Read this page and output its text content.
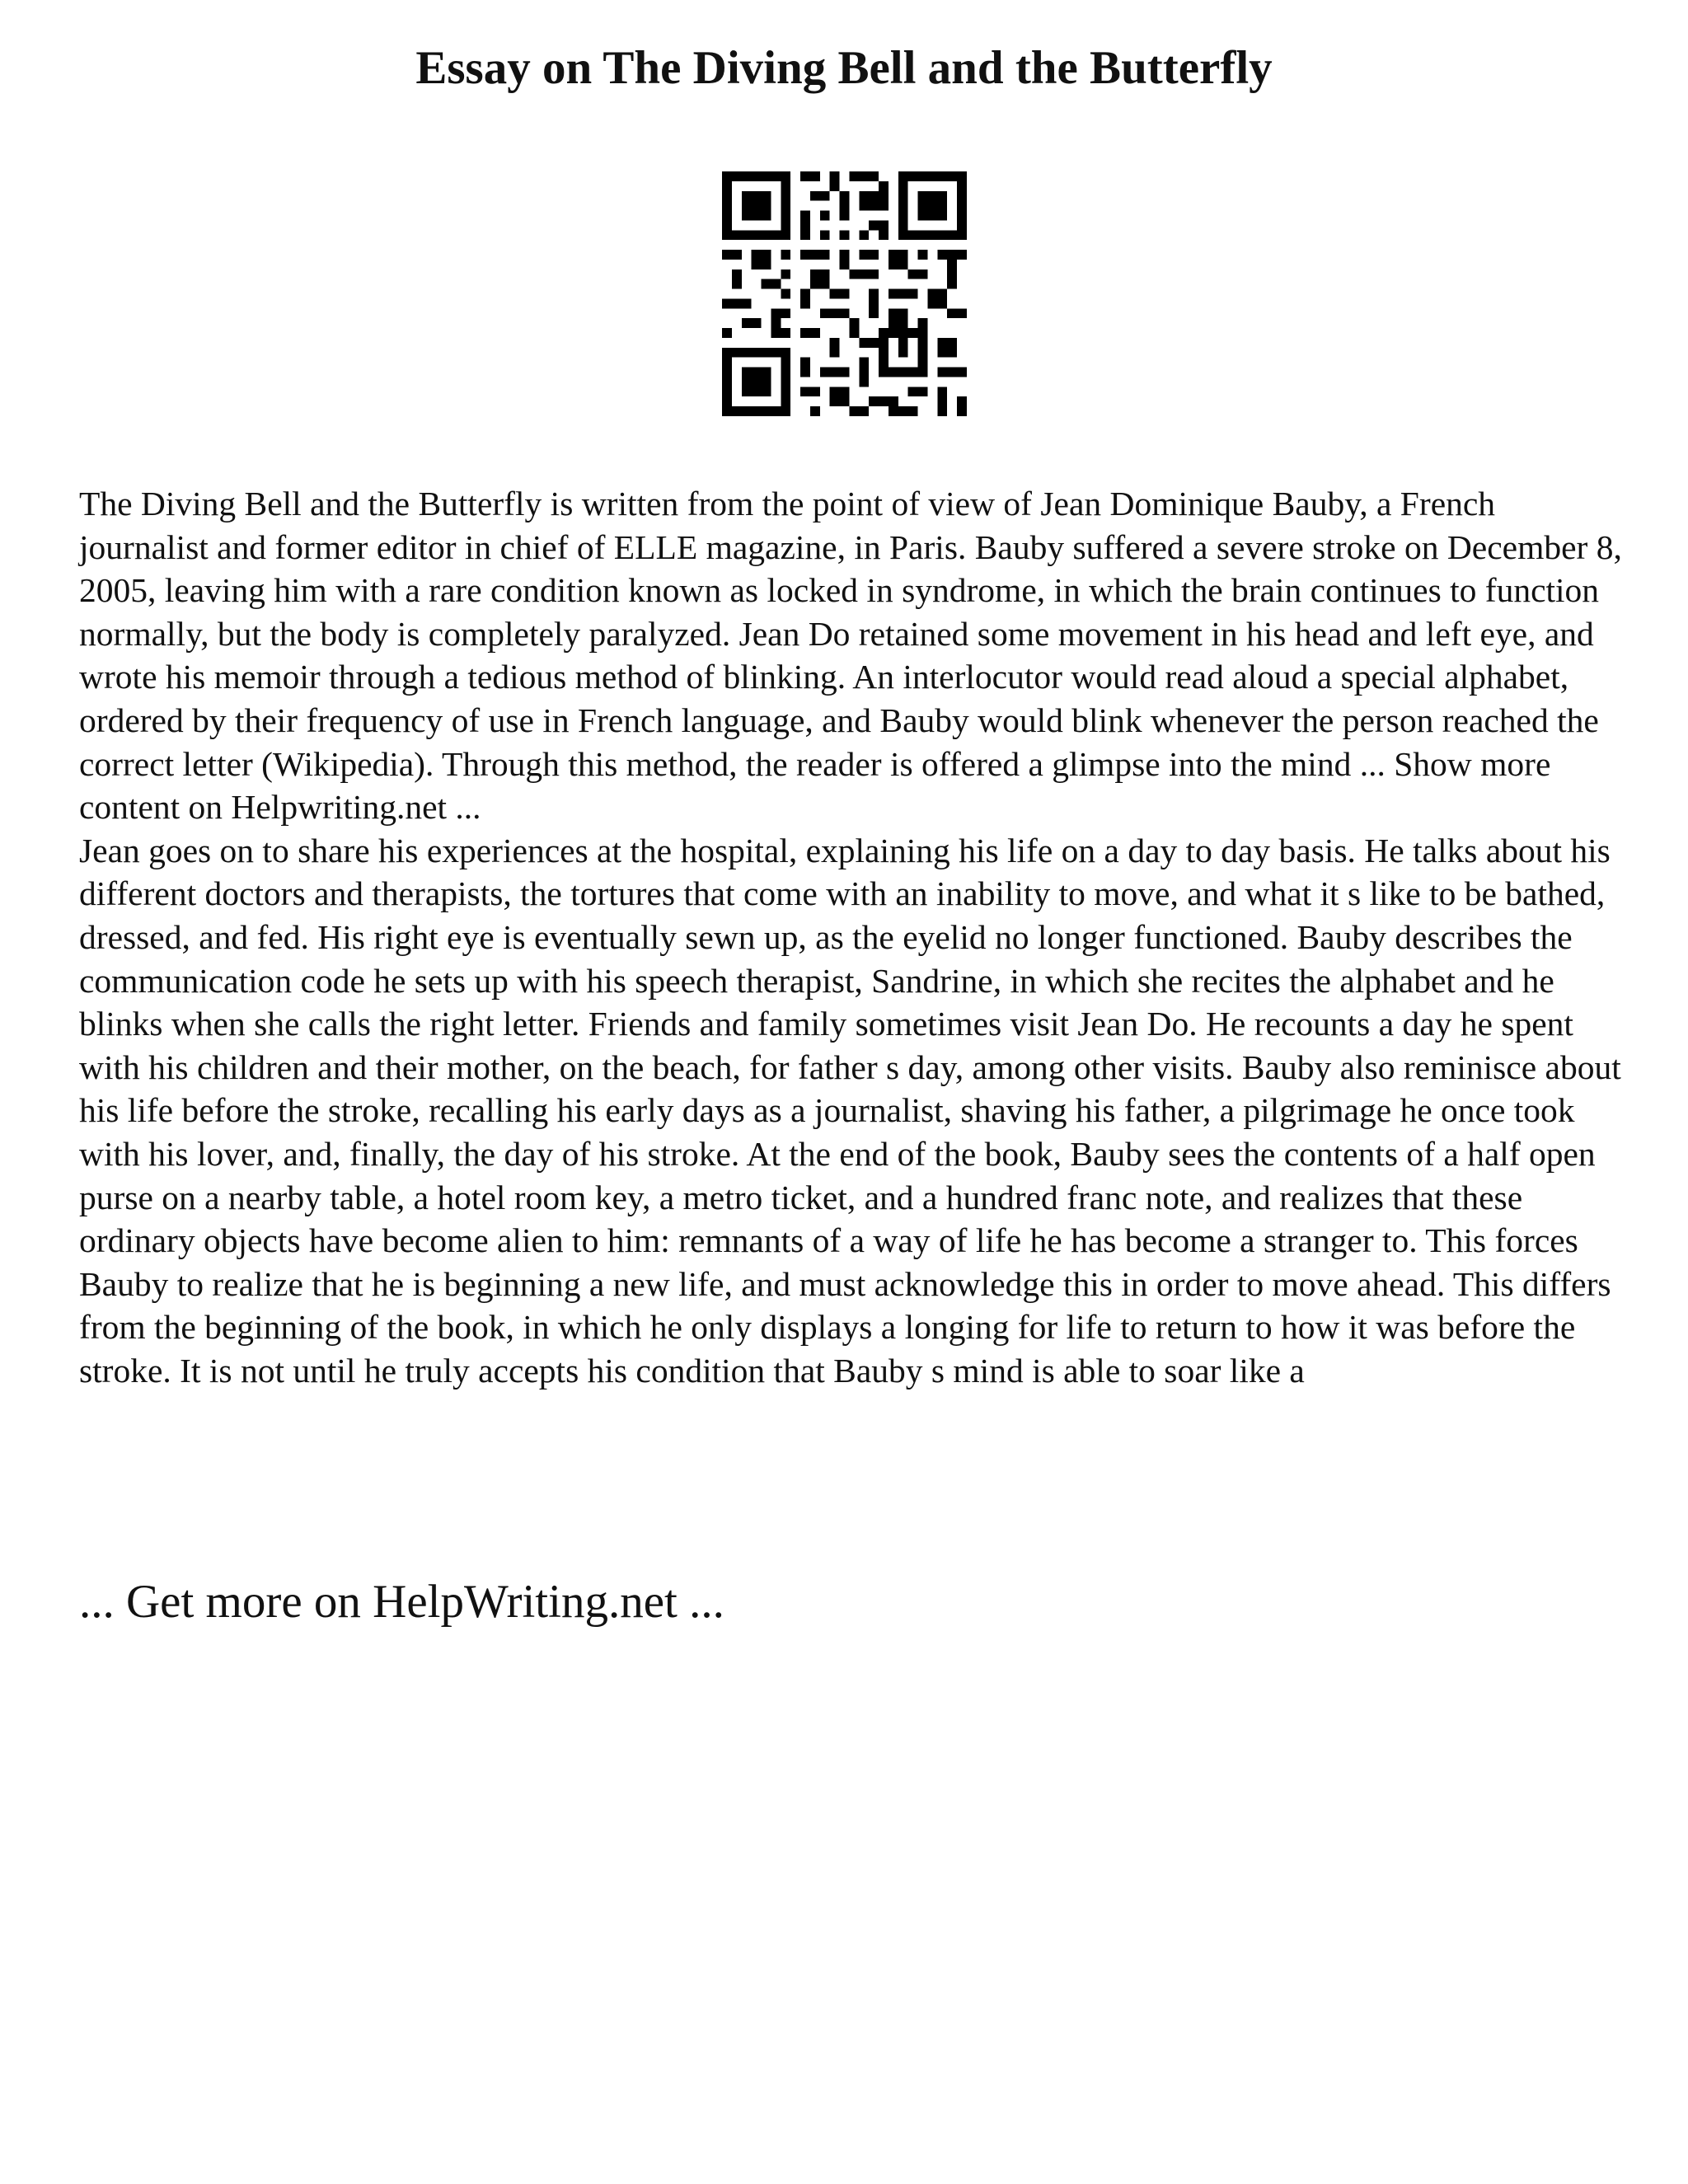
Essay on The Diving Bell and the Butterfly

The Diving Bell and the Butterfly is written from the point of view of Jean Dominique Bauby, a French journalist and former editor in chief of ELLE magazine, in Paris. Bauby suffered a severe stroke on December 8, 2005, leaving him with a rare condition known as locked in syndrome, in which the brain continues to function normally, but the body is completely paralyzed. Jean Do retained some movement in his head and left eye, and wrote his memoir through a tedious method of blinking. An interlocutor would read aloud a special alphabet, ordered by their frequency of use in French language, and Bauby would blink whenever the person reached the correct letter (Wikipedia). Through this method, the reader is offered a glimpse into the mind ... Show more content on Helpwriting.net ...

Jean goes on to share his experiences at the hospital, explaining his life on a day to day basis. He talks about his different doctors and therapists, the tortures that come with an inability to move, and what it s like to be bathed, dressed, and fed. His right eye is eventually sewn up, as the eyelid no longer functioned. Bauby describes the communication code he sets up with his speech therapist, Sandrine, in which she recites the alphabet and he blinks when she calls the right letter. Friends and family sometimes visit Jean Do. He recounts a day he spent with his children and their mother, on the beach, for father s day, among other visits. Bauby also reminisce about his life before the stroke, recalling his early days as a journalist, shaving his father, a pilgrimage he once took with his lover, and, finally, the day of his stroke. At the end of the book, Bauby sees the contents of a half open purse on a nearby table, a hotel room key, a metro ticket, and a hundred franc note, and realizes that these ordinary objects have become alien to him: remnants of a way of life he has become a stranger to. This forces Bauby to realize that he is beginning a new life, and must acknowledge this in order to move ahead. This differs from the beginning of the book, in which he only displays a longing for life to return to how it was before the stroke. It is not until he truly accepts his condition that Bauby s mind is able to soar like a

... Get more on HelpWriting.net ...
